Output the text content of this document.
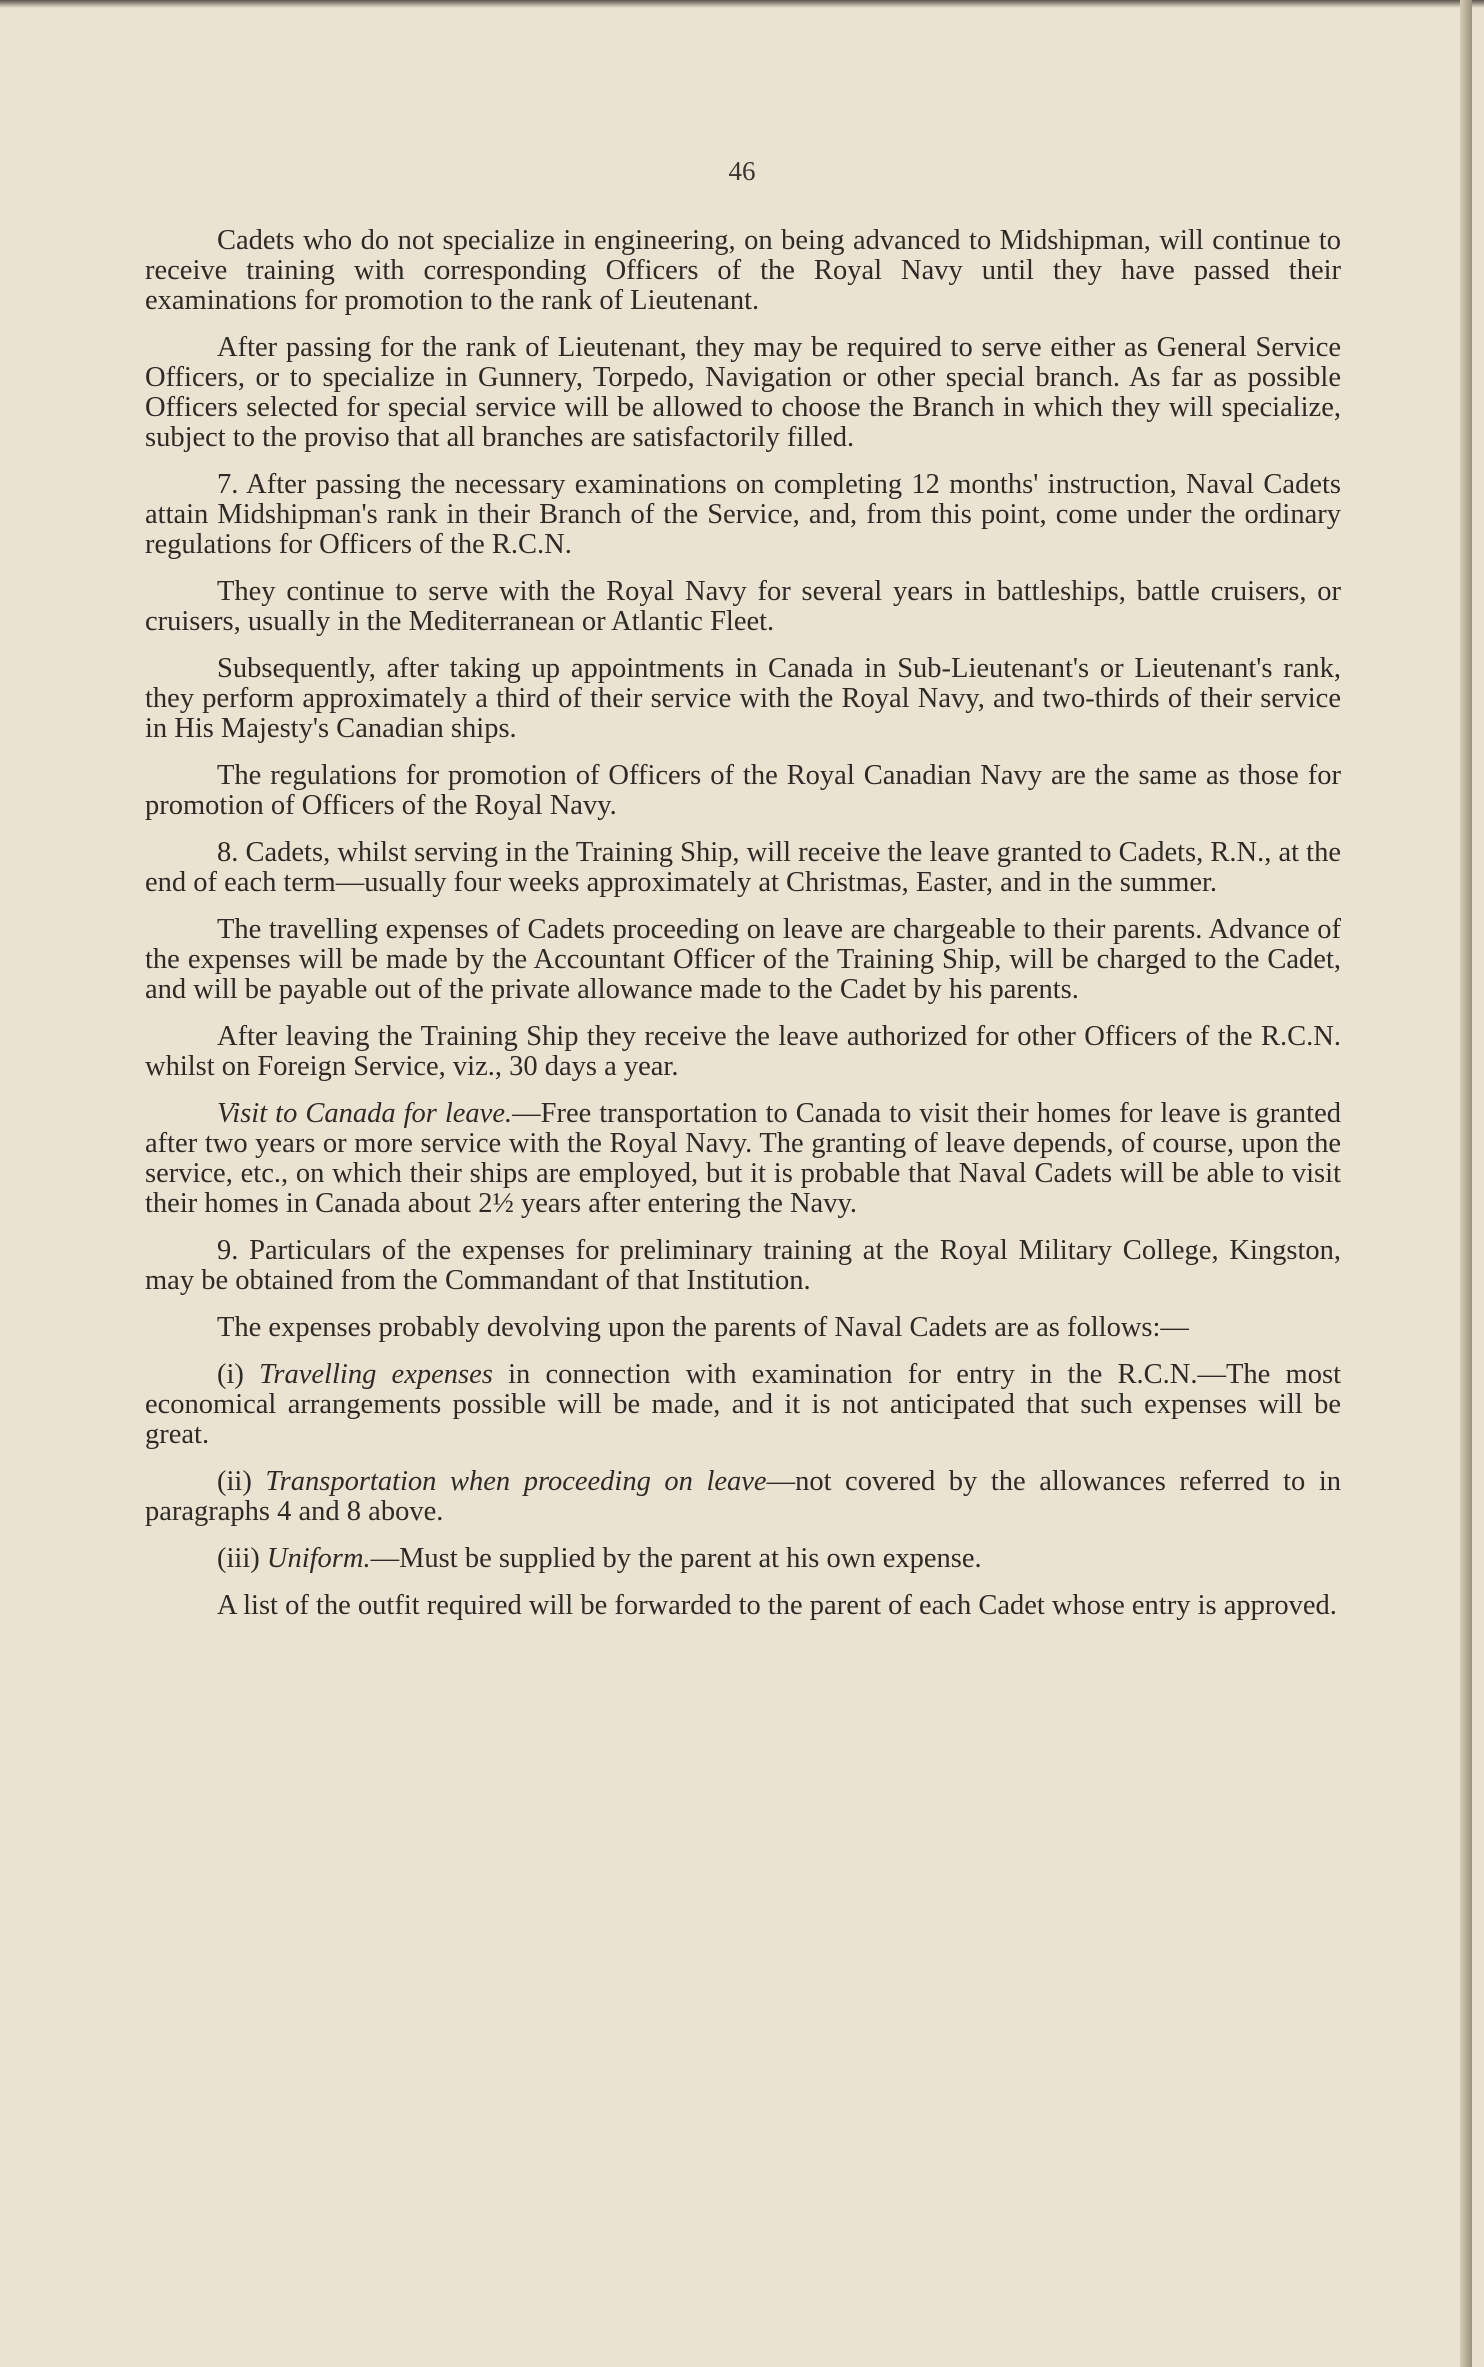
46

Cadets who do not specialize in engineering, on being advanced to Midshipman, will continue to receive training with corresponding Officers of the Royal Navy until they have passed their examinations for promotion to the rank of Lieutenant.

After passing for the rank of Lieutenant, they may be required to serve either as General Service Officers, or to specialize in Gunnery, Torpedo, Navigation or other special branch. As far as possible Officers selected for special service will be allowed to choose the Branch in which they will specialize, subject to the proviso that all branches are satisfactorily filled.

7. After passing the necessary examinations on completing 12 months' instruction, Naval Cadets attain Midshipman's rank in their Branch of the Service, and, from this point, come under the ordinary regulations for Officers of the R.C.N.

They continue to serve with the Royal Navy for several years in battleships, battle cruisers, or cruisers, usually in the Mediterranean or Atlantic Fleet.

Subsequently, after taking up appointments in Canada in Sub-Lieutenant's or Lieutenant's rank, they perform approximately a third of their service with the Royal Navy, and two-thirds of their service in His Majesty's Canadian ships.

The regulations for promotion of Officers of the Royal Canadian Navy are the same as those for promotion of Officers of the Royal Navy.

8. Cadets, whilst serving in the Training Ship, will receive the leave granted to Cadets, R.N., at the end of each term—usually four weeks approximately at Christmas, Easter, and in the summer.

The travelling expenses of Cadets proceeding on leave are chargeable to their parents. Advance of the expenses will be made by the Accountant Officer of the Training Ship, will be charged to the Cadet, and will be payable out of the private allowance made to the Cadet by his parents.

After leaving the Training Ship they receive the leave authorized for other Officers of the R.C.N. whilst on Foreign Service, viz., 30 days a year.

Visit to Canada for leave.—Free transportation to Canada to visit their homes for leave is granted after two years or more service with the Royal Navy. The granting of leave depends, of course, upon the service, etc., on which their ships are employed, but it is probable that Naval Cadets will be able to visit their homes in Canada about 2½ years after entering the Navy.

9. Particulars of the expenses for preliminary training at the Royal Military College, Kingston, may be obtained from the Commandant of that Institution.

The expenses probably devolving upon the parents of Naval Cadets are as follows:—

(i) Travelling expenses in connection with examination for entry in the R.C.N.—The most economical arrangements possible will be made, and it is not anticipated that such expenses will be great.

(ii) Transportation when proceeding on leave—not covered by the allowances referred to in paragraphs 4 and 8 above.

(iii) Uniform.—Must be supplied by the parent at his own expense.

A list of the outfit required will be forwarded to the parent of each Cadet whose entry is approved.
